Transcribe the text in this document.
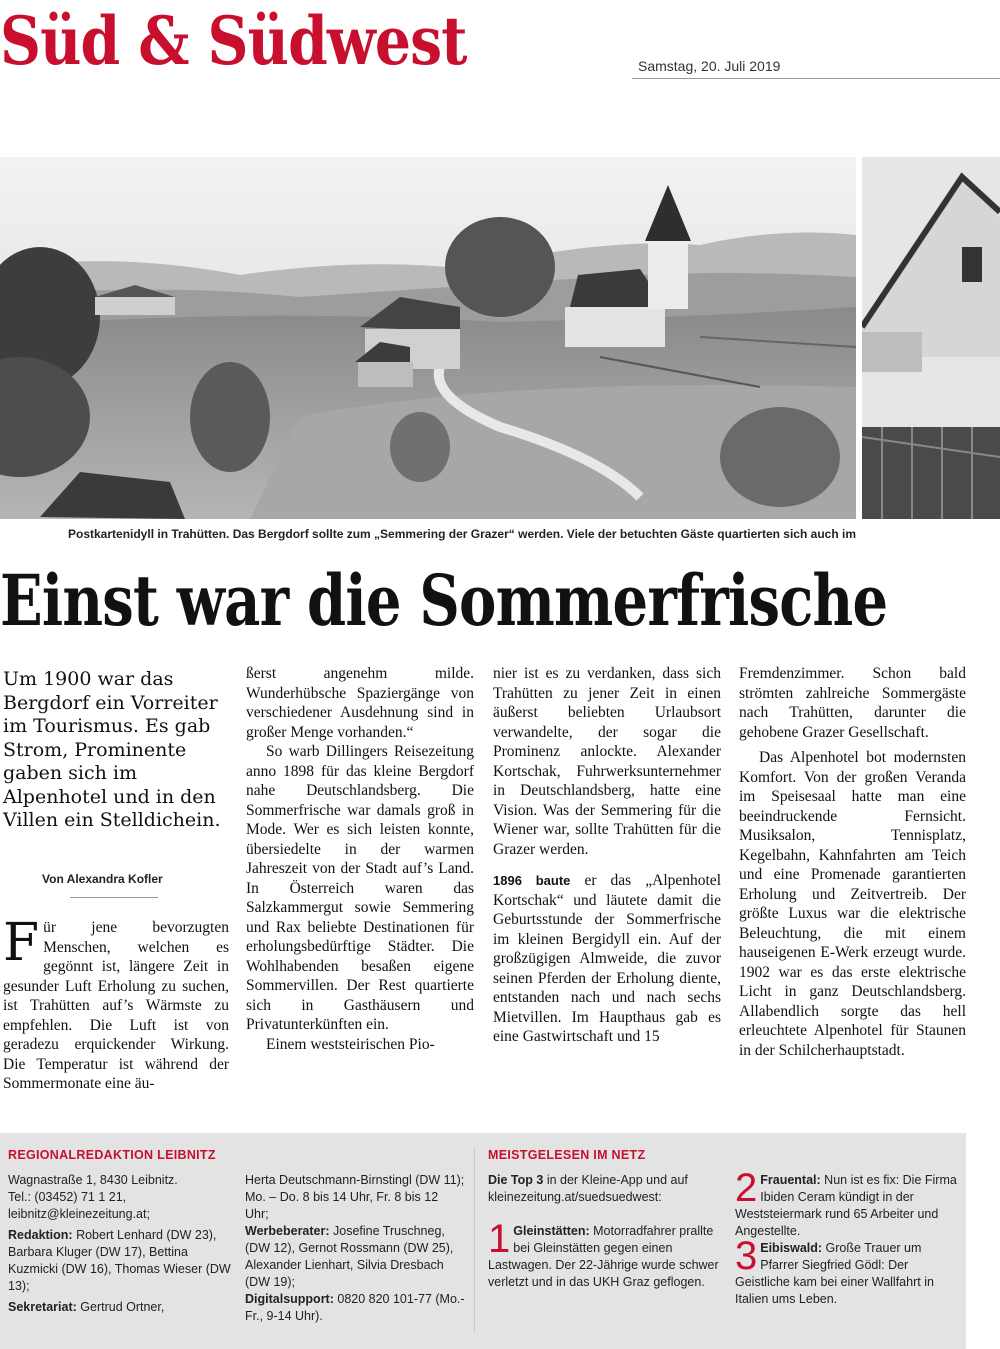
Süd & Südwest	Samstag, 20. Juli 2019
Postkartenidyll in Trahütten. Das Bergdorf sollte zum „Semmering der Grazer“ werden. Viele der betuchten Gäste quartierten sich auch im
Einst war die Sommerfrische
Um 1900 war das Bergdorf ein Vorreiter im Tourismus. Es gab Strom, Prominente gaben sich im Alpenhotel und in den Villen ein Stelldichein.
Von Alexandra Kofler

Für jene bevorzugten Menschen, welchen es gegönnt ist, längere Zeit in gesunder Luft Erholung zu suchen, ist Trahütten auf’s Wärmste zu empfehlen. Die Luft ist von geradezu erquickender Wirkung. Die Temperatur ist während der Sommermonate eine äu-

ßerst angenehm milde. Wunderhübsche Spaziergänge von verschiedener Ausdehnung sind in großer Menge vorhanden.“

So warb Dillingers Reisezeitung anno 1898 für das kleine Bergdorf nahe Deutschlandsberg. Die Sommerfrische war damals groß in Mode. Wer es sich leisten konnte, übersiedelte in der warmen Jahreszeit von der Stadt auf’s Land. In Österreich waren das Salzkammergut sowie Semmering und Rax beliebte Destinationen für erholungsbedürftige Städter. Die Wohlhabenden besaßen eigene Sommervillen. Der Rest quartierte sich in Gasthäusern und Privatunterkünften ein.

Einem weststeirischen Pio-

nier ist es zu verdanken, dass sich Trahütten zu jener Zeit in einen äußerst beliebten Urlaubsort verwandelte, der sogar die Prominenz anlockte. Alexander Kortschak, Fuhrwerksunternehmer in Deutschlandsberg, hatte eine Vision. Was der Semmering für die Wiener war, sollte Trahütten für die Grazer werden.

1896 baute er das „Alpenhotel Kortschak“ und läutete damit die Geburtsstunde der Sommerfrische im kleinen Bergidyll ein. Auf der großzügigen Almweide, die zuvor seinen Pferden der Erholung diente, entstanden nach und nach sechs Mietvillen. Im Haupthaus gab es eine Gastwirtschaft und 15

Fremdenzimmer. Schon bald strömten zahlreiche Sommergäste nach Trahütten, darunter die gehobene Grazer Gesellschaft.

Das Alpenhotel bot modernsten Komfort. Von der großen Veranda im Speisesaal hatte man eine beeindruckende Fernsicht. Musiksalon, Tennisplatz, Kegelbahn, Kahnfahrten am Teich und eine Promenade garantierten Erholung und Zeitvertreib. Der größte Luxus war die elektrische Beleuchtung, die mit einem hauseigenen E-Werk erzeugt wurde. 1902 war es das erste elektrische Licht in ganz Deutschlandsberg. Allabendlich sorgte das hell erleuchtete Alpenhotel für Staunen in der Schilcherhauptstadt.

REGIONALREDAKTION LEIBNITZ	MEISTGELESEN IM NETZ
Wagnastraße 1, 8430 Leibnitz.
Tel.: (03452) 71 1 21,
leibnitz@kleinezeitung.at;
Redaktion: Robert Lenhard (DW 23), Barbara Kluger (DW 17), Bettina Kuzmicki (DW 16), Thomas Wieser (DW 13);
Sekretariat: Gertrud Ortner,
Herta Deutschmann-Birnstingl (DW 11); Mo. – Do. 8 bis 14 Uhr, Fr. 8 bis 12 Uhr;
Werbeberater: Josefine Truschneg, (DW 12), Gernot Rossmann (DW 25), Alexander Lienhart, Silvia Dresbach (DW 19);
Digitalsupport: 0820 820 101-77 (Mo.- Fr., 9-14 Uhr).
Die Top 3 in der Kleine-App und auf kleinezeitung.at/suedsuedwest:
1 Gleinstätten: Motorradfahrer prallte bei Gleinstätten gegen einen Lastwagen. Der 22-Jährige wurde schwer verletzt und in das UKH Graz geflogen.
2 Frauental: Nun ist es fix: Die Firma Ibiden Ceram kündigt in der Weststeiermark rund 65 Arbeiter und Angestellte.
3 Eibiswald: Große Trauer um Pfarrer Siegfried Gödl: Der Geistliche kam bei einer Wallfahrt in Italien ums Leben.
